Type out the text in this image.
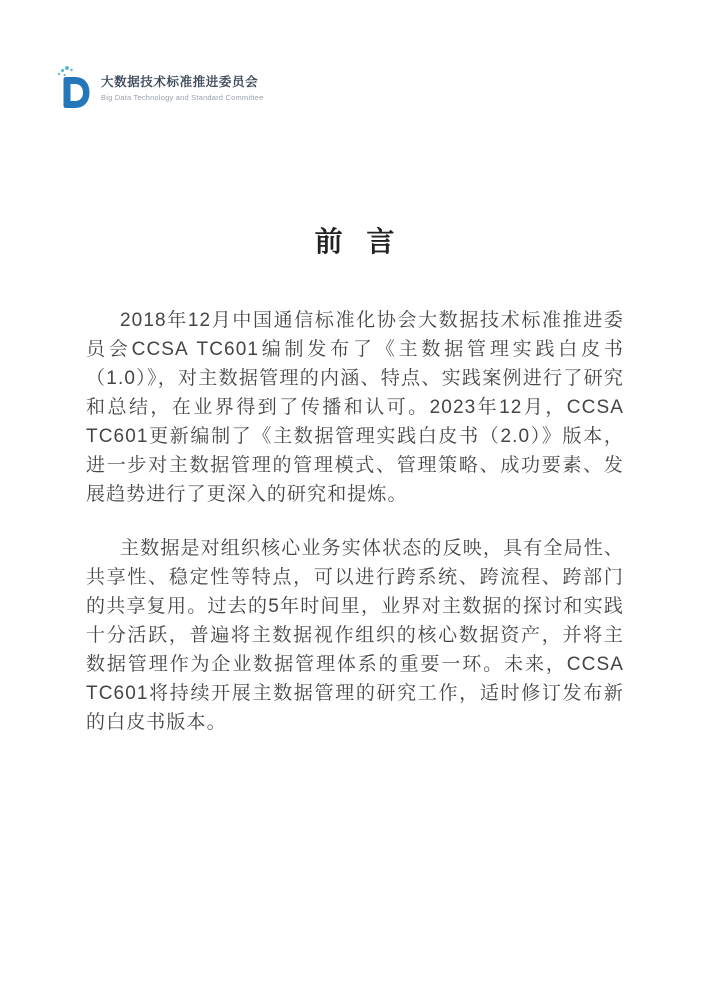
大数据技术标准推进委员会
Big Data Technology and Standard Committee
前 言

2018年12月中国通信标准化协会大数据技术标准推进委员会CCSA TC601编制发布了《主数据管理实践白皮书（1.0）》，对主数据管理的内涵、特点、实践案例进行了研究和总结，在业界得到了传播和认可。2023年12月，CCSA TC601更新编制了《主数据管理实践白皮书（2.0）》版本，进一步对主数据管理的管理模式、管理策略、成功要素、发展趋势进行了更深入的研究和提炼。

主数据是对组织核心业务实体状态的反映，具有全局性、共享性、稳定性等特点，可以进行跨系统、跨流程、跨部门的共享复用。过去的5年时间里，业界对主数据的探讨和实践十分活跃，普遍将主数据视作组织的核心数据资产，并将主数据管理作为企业数据管理体系的重要一环。未来，CCSA TC601将持续开展主数据管理的研究工作，适时修订发布新的白皮书版本。
